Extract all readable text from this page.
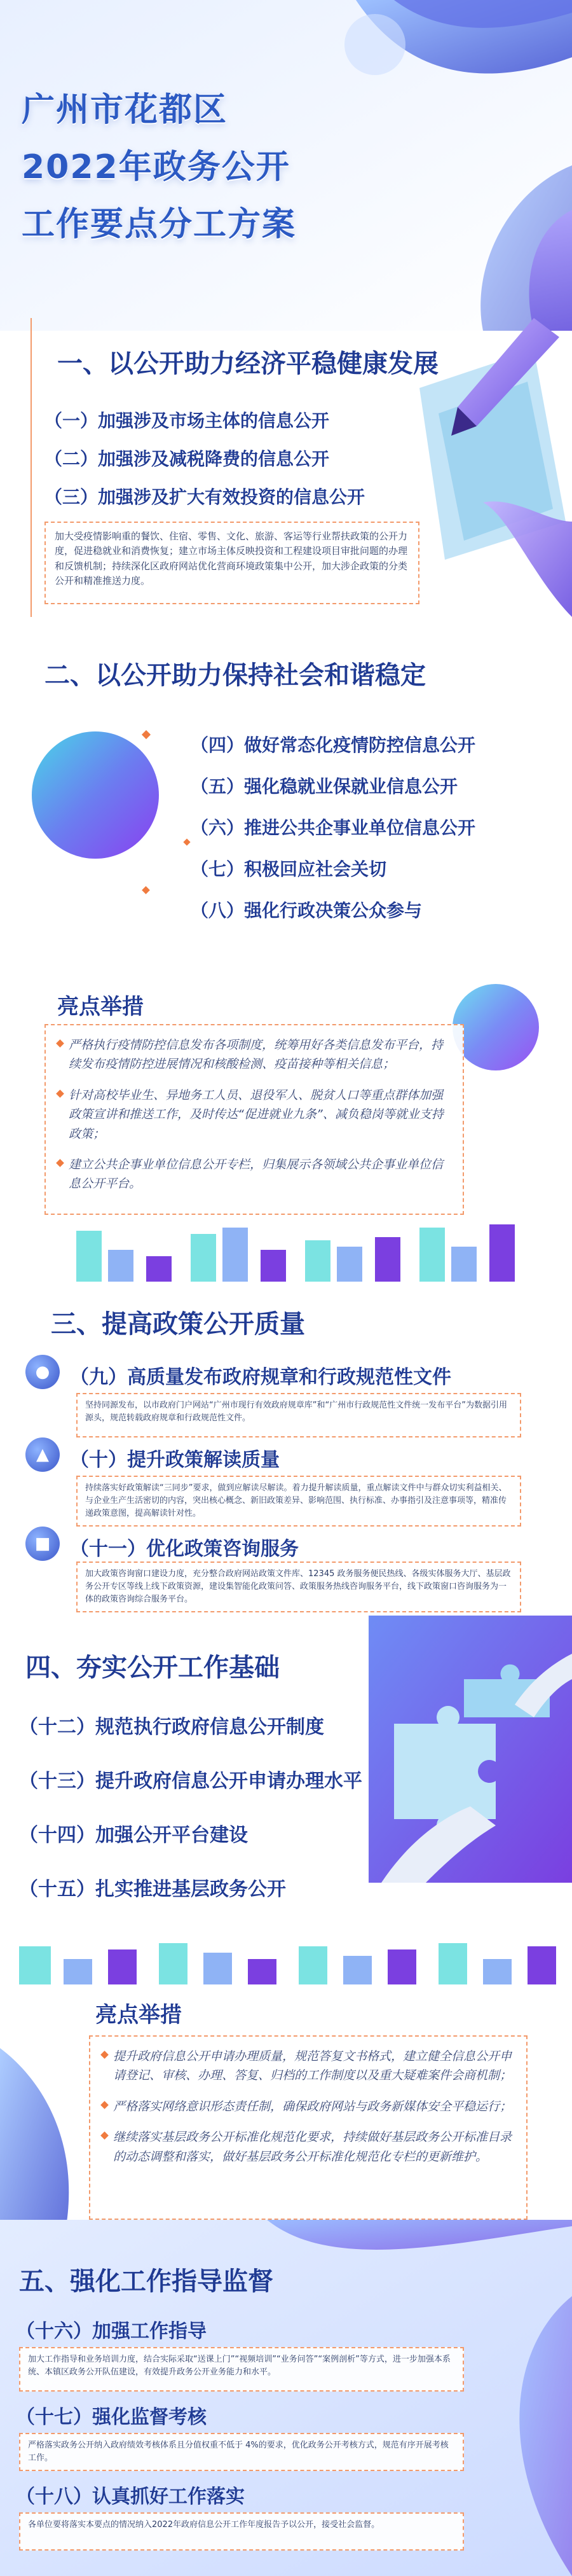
广州市花都区
2022年政务公开
工作要点分工方案
一、以公开助力经济平稳健康发展
（一）加强涉及市场主体的信息公开
（二）加强涉及减税降费的信息公开
（三）加强涉及扩大有效投资的信息公开
加大受疫情影响重的餐饮、住宿、零售、文化、旅游、客运等行业帮扶政策的公开力度，促进稳就业和消费恢复；建立市场主体反映投资和工程建设项目审批问题的办理和反馈机制；持续深化区政府网站优化营商环境政策集中公开，加大涉企政策的分类公开和精准推送力度。
二、以公开助力保持社会和谐稳定
（四）做好常态化疫情防控信息公开
（五）强化稳就业保就业信息公开
（六）推进公共企事业单位信息公开
（七）积极回应社会关切
（八）强化行政决策公众参与
亮点举措
严格执行疫情防控信息发布各项制度，统筹用好各类信息发布平台，持续发布疫情防控进展情况和核酸检测、疫苗接种等相关信息；
针对高校毕业生、异地务工人员、退役军人、脱贫人口等重点群体加强政策宣讲和推送工作，及时传达“促进就业九条”、减负稳岗等就业支持政策；
建立公共企事业单位信息公开专栏，归集展示各领域公共企事业单位信息公开平台。
三、提高政策公开质量
●	（九）高质量发布政府规章和行政规范性文件
坚持同源发布，以市政府门户网站“广州市现行有效政府规章库”和“广州市行政规范性文件统一发布平台”为数据引用源头，规范转载政府规章和行政规范性文件。
▲	（十）提升政策解读质量
持续落实好政策解读“三同步”要求，做到应解读尽解读。着力提升解读质量，重点解读文件中与群众切实利益相关、与企业生产生活密切的内容，突出核心概念、新旧政策差异、影响范围、执行标准、办事指引及注意事项等，精准传递政策意图，提高解读针对性。
■	（十一）优化政策咨询服务
加大政策咨询窗口建设力度，充分整合政府网站政策文件库、12345 政务服务便民热线、各级实体服务大厅、基层政务公开专区等线上线下政策资源，建设集智能化政策问答、政策服务热线咨询服务平台，线下政策窗口咨询服务为一体的政策咨询综合服务平台。
四、夯实公开工作基础
（十二）规范执行政府信息公开制度
（十三）提升政府信息公开申请办理水平
（十四）加强公开平台建设
（十五）扎实推进基层政务公开
亮点举措
提升政府信息公开申请办理质量，规范答复文书格式，建立健全信息公开申请登记、审核、办理、答复、归档的工作制度以及重大疑难案件会商机制；
严格落实网络意识形态责任制，确保政府网站与政务新媒体安全平稳运行；
继续落实基层政务公开标准化规范化要求，持续做好基层政务公开标准目录的动态调整和落实，做好基层政务公开标准化规范化专栏的更新维护。
五、强化工作指导监督
（十六）加强工作指导
加大工作指导和业务培训力度，结合实际采取“送课上门”“视频培训”“业务问答”“案例剖析”等方式，进一步加强本系统、本镇区政务公开队伍建设，有效提升政务公开业务能力和水平。
（十七）强化监督考核
严格落实政务公开纳入政府绩效考核体系且分值权重不低于 4%的要求，优化政务公开考核方式，规范有序开展考核工作。
（十八）认真抓好工作落实
各单位要将落实本要点的情况纳入2022年政府信息公开工作年度报告予以公开，接受社会监督。
